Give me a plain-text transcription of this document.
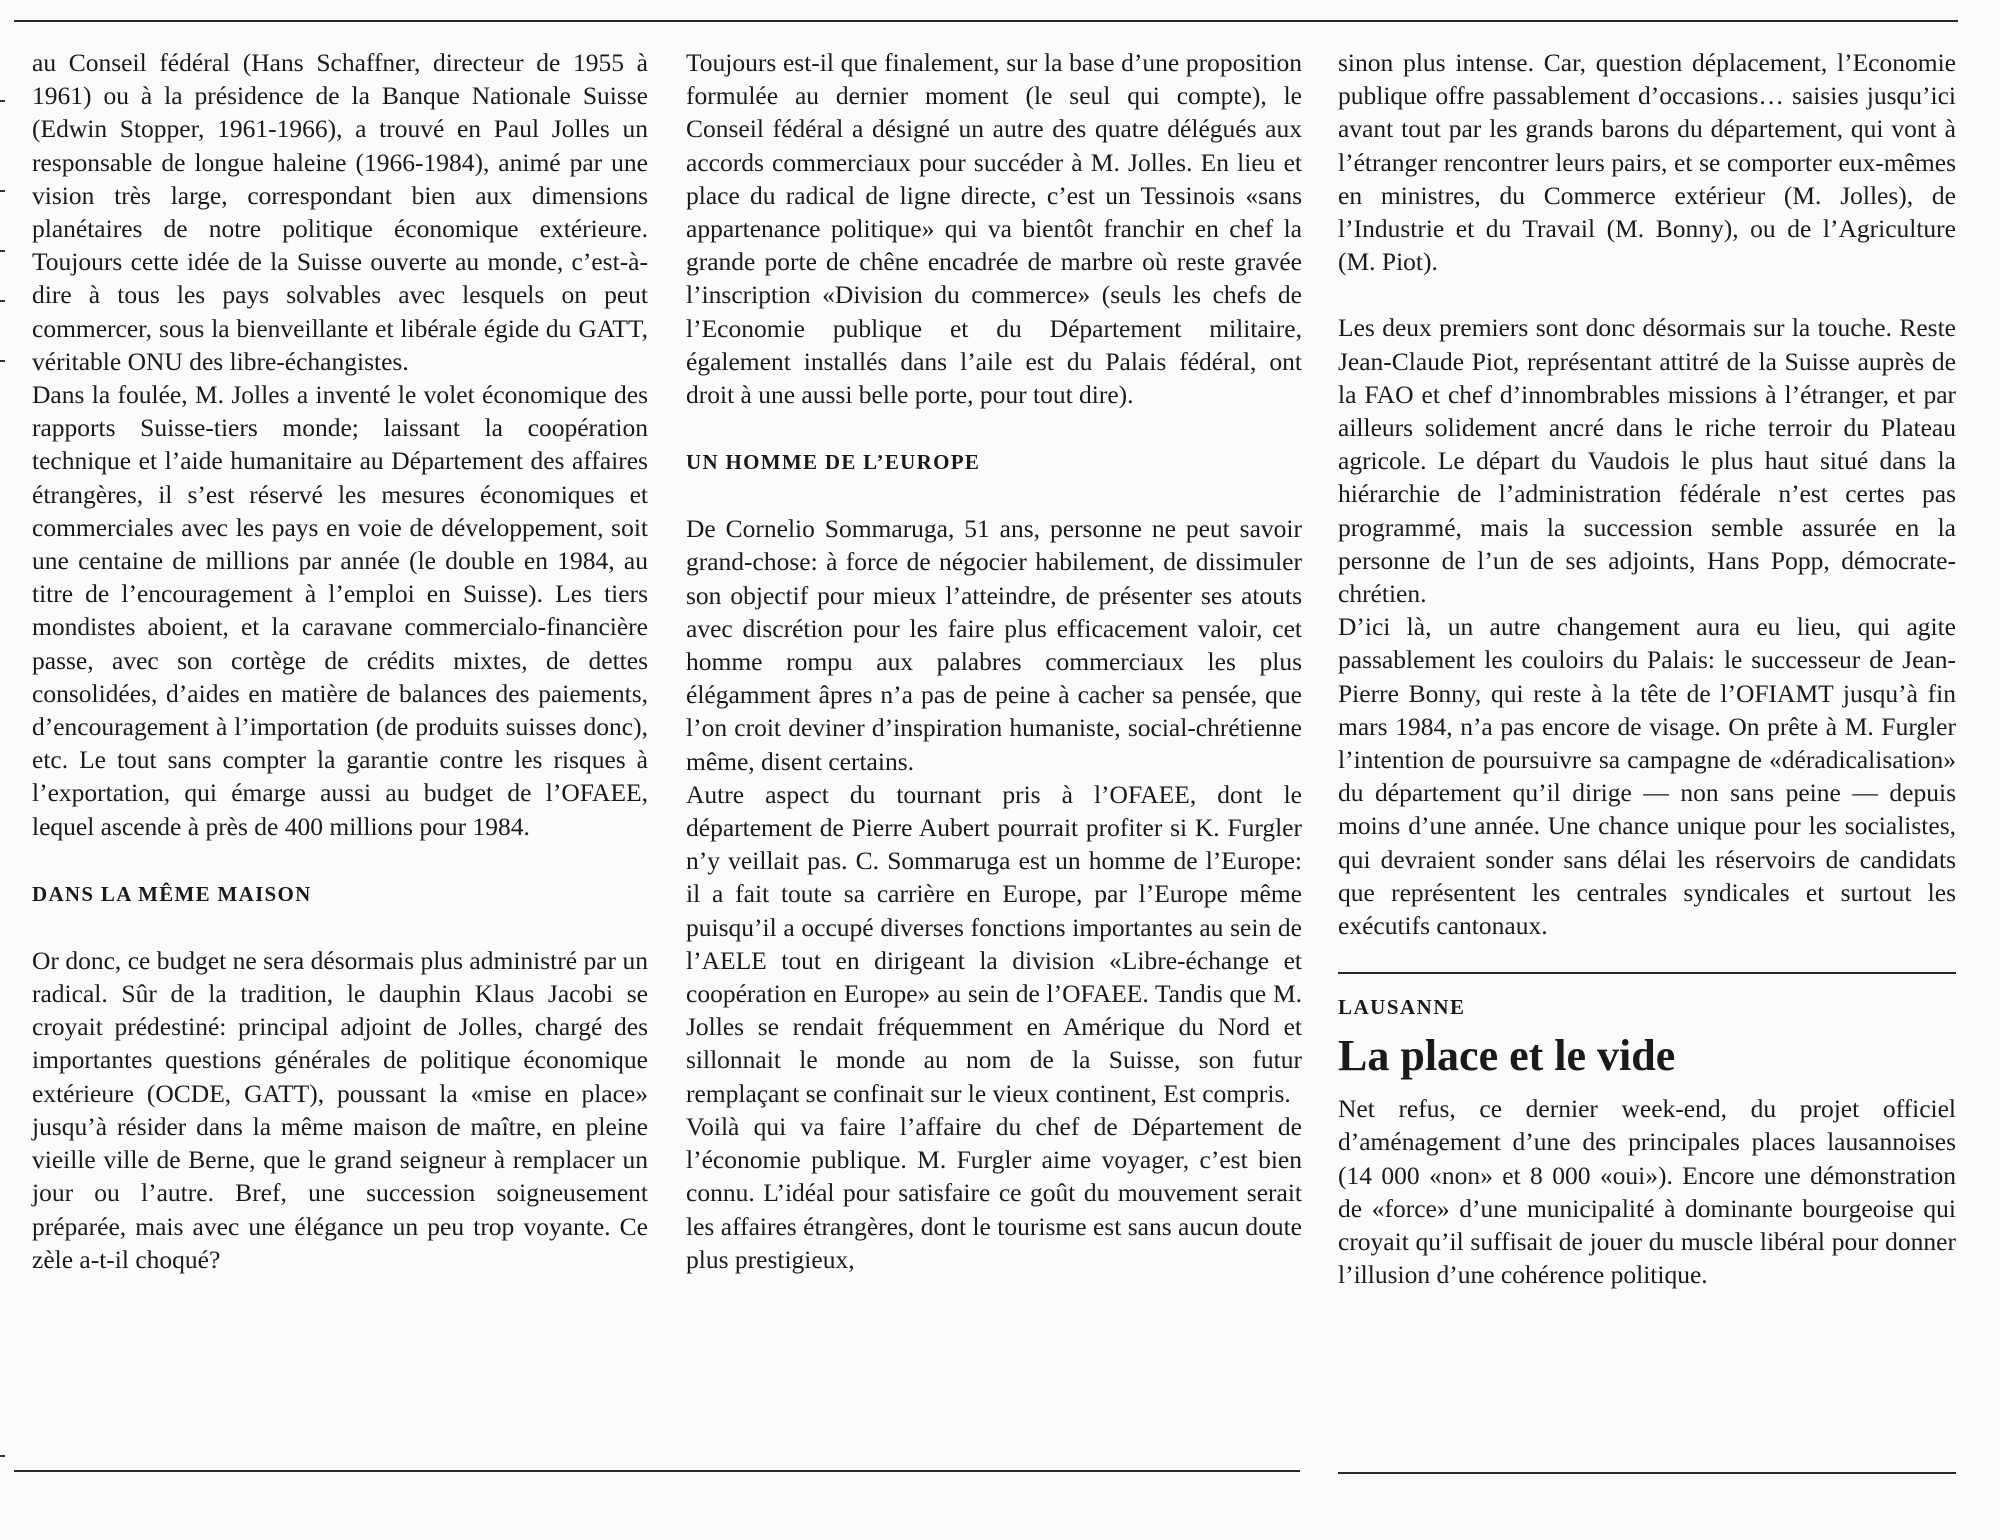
au Conseil fédéral (Hans Schaffner, directeur de 1955 à 1961) ou à la présidence de la Banque Nationale Suisse (Edwin Stopper, 1961-1966), a trouvé en Paul Jolles un responsable de longue haleine (1966-1984), animé par une vision très large, correspondant bien aux dimensions planétaires de notre politique économique extérieure. Toujours cette idée de la Suisse ouverte au monde, c’est-à-dire à tous les pays solvables avec lesquels on peut commercer, sous la bienveillante et libérale égide du GATT, véritable ONU des libre-échangistes.

Dans la foulée, M. Jolles a inventé le volet économique des rapports Suisse-tiers monde; laissant la coopération technique et l’aide humanitaire au Département des affaires étrangères, il s’est réservé les mesures économiques et commerciales avec les pays en voie de développement, soit une centaine de millions par année (le double en 1984, au titre de l’encouragement à l’emploi en Suisse). Les tiers mondistes aboient, et la caravane commercialo-financière passe, avec son cortège de crédits mixtes, de dettes consolidées, d’aides en matière de balances des paiements, d’encouragement à l’importation (de produits suisses donc), etc. Le tout sans compter la garantie contre les risques à l’exportation, qui émarge aussi au budget de l’OFAEE, lequel ascende à près de 400 millions pour 1984.

DANS LA MÊME MAISON

Or donc, ce budget ne sera désormais plus administré par un radical. Sûr de la tradition, le dauphin Klaus Jacobi se croyait prédestiné: principal adjoint de Jolles, chargé des importantes questions générales de politique économique extérieure (OCDE, GATT), poussant la «mise en place» jusqu’à résider dans la même maison de maître, en pleine vieille ville de Berne, que le grand seigneur à remplacer un jour ou l’autre. Bref, une succession soigneusement préparée, mais avec une élégance un peu trop voyante. Ce zèle a-t-il choqué?

Toujours est-il que finalement, sur la base d’une proposition formulée au dernier moment (le seul qui compte), le Conseil fédéral a désigné un autre des quatre délégués aux accords commerciaux pour succéder à M. Jolles. En lieu et place du radical de ligne directe, c’est un Tessinois «sans appartenance politique» qui va bientôt franchir en chef la grande porte de chêne encadrée de marbre où reste gravée l’inscription «Division du commerce» (seuls les chefs de l’Economie publique et du Département militaire, également installés dans l’aile est du Palais fédéral, ont droit à une aussi belle porte, pour tout dire).

UN HOMME DE L’EUROPE

De Cornelio Sommaruga, 51 ans, personne ne peut savoir grand-chose: à force de négocier habilement, de dissimuler son objectif pour mieux l’atteindre, de présenter ses atouts avec discrétion pour les faire plus efficacement valoir, cet homme rompu aux palabres commerciaux les plus élégamment âpres n’a pas de peine à cacher sa pensée, que l’on croit deviner d’inspiration humaniste, social-chrétienne même, disent certains.

Autre aspect du tournant pris à l’OFAEE, dont le département de Pierre Aubert pourrait profiter si K. Furgler n’y veillait pas. C. Sommaruga est un homme de l’Europe: il a fait toute sa carrière en Europe, par l’Europe même puisqu’il a occupé diverses fonctions importantes au sein de l’AELE tout en dirigeant la division «Libre-échange et coopération en Europe» au sein de l’OFAEE. Tandis que M. Jolles se rendait fréquemment en Amérique du Nord et sillonnait le monde au nom de la Suisse, son futur remplaçant se confinait sur le vieux continent, Est compris.

Voilà qui va faire l’affaire du chef de Département de l’économie publique. M. Furgler aime voyager, c’est bien connu. L’idéal pour satisfaire ce goût du mouvement serait les affaires étrangères, dont le tourisme est sans aucun doute plus prestigieux,

sinon plus intense. Car, question déplacement, l’Economie publique offre passablement d’occasions… saisies jusqu’ici avant tout par les grands barons du département, qui vont à l’étranger rencontrer leurs pairs, et se comporter eux-mêmes en ministres, du Commerce extérieur (M. Jolles), de l’Industrie et du Travail (M. Bonny), ou de l’Agriculture (M. Piot).

Les deux premiers sont donc désormais sur la touche. Reste Jean-Claude Piot, représentant attitré de la Suisse auprès de la FAO et chef d’innombrables missions à l’étranger, et par ailleurs solidement ancré dans le riche terroir du Plateau agricole. Le départ du Vaudois le plus haut situé dans la hiérarchie de l’administration fédérale n’est certes pas programmé, mais la succession semble assurée en la personne de l’un de ses adjoints, Hans Popp, démocrate-chrétien.

D’ici là, un autre changement aura eu lieu, qui agite passablement les couloirs du Palais: le successeur de Jean-Pierre Bonny, qui reste à la tête de l’OFIAMT jusqu’à fin mars 1984, n’a pas encore de visage. On prête à M. Furgler l’intention de poursuivre sa campagne de «déradicalisation» du département qu’il dirige — non sans peine — depuis moins d’une année. Une chance unique pour les socialistes, qui devraient sonder sans délai les réservoirs de candidats que représentent les centrales syndicales et surtout les exécutifs cantonaux.

LAUSANNE
La place et le vide

Net refus, ce dernier week-end, du projet officiel d’aménagement d’une des principales places lausannoises (14 000 «non» et 8 000 «oui»). Encore une démonstration de «force» d’une municipalité à dominante bourgeoise qui croyait qu’il suffisait de jouer du muscle libéral pour donner l’illusion d’une cohérence politique.
